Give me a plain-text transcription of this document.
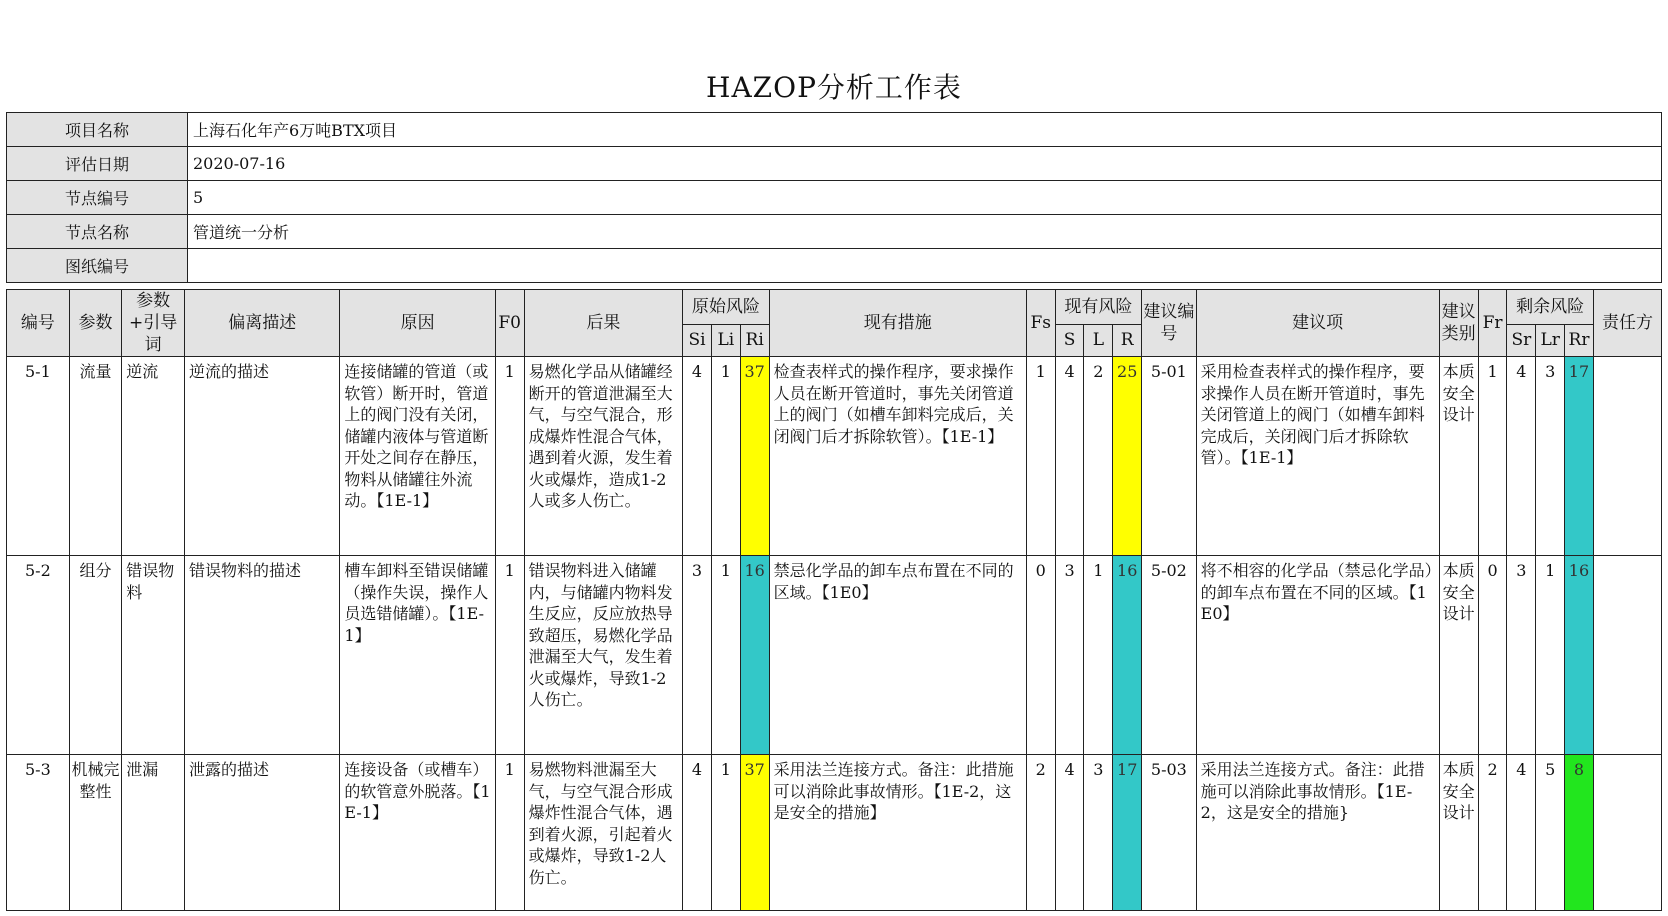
HAZOP分析工作表
项目名称	上海石化年产6万吨BTX项目
评估日期	2020-07-16
节点编号	5
节点名称	管道统一分析
图纸编号	
编号	参数	参数+引导词	偏离描述	原因	F0	后果	原始风险			现有措施	Fs	现有风险			建议编号	建议项	建议类别	Fr	剩余风险			责任方
							Si	Li	Ri			S	L	R					Sr	Lr	Rr	
5-1	流量	逆流	逆流的描述	连接储罐的管道（或软管）断开时，管道上的阀门没有关闭，储罐内液体与管道断开处之间存在静压，物料从储罐往外流动。【1E-1】	1	易燃化学品从储罐经断开的管道泄漏至大气，与空气混合，形成爆炸性混合气体，遇到着火源，发生着火或爆炸，造成1-2人或多人伤亡。	4	1	37	检查表样式的操作程序，要求操作人员在断开管道时，事先关闭管道上的阀门（如槽车卸料完成后，关闭阀门后才拆除软管）。【1E-1】	1	4	2	25	5-01	采用检查表样式的操作程序，要求操作人员在断开管道时，事先关闭管道上的阀门（如槽车卸料完成后，关闭阀门后才拆除软管）。【1E-1】	本质安全设计	1	4	3	17	
5-2	组分	错误物料	错误物料的描述	槽车卸料至错误储罐（操作失误，操作人员选错储罐）。【1E-1】	1	错误物料进入储罐内，与储罐内物料发生反应，反应放热导致超压，易燃化学品泄漏至大气，发生着火或爆炸，导致1-2人伤亡。	3	1	16	禁忌化学品的卸车点布置在不同的区域。【1E0】	0	3	1	16	5-02	将不相容的化学品（禁忌化学品）的卸车点布置在不同的区域。【1E0】	本质安全设计	0	3	1	16	
5-3	机械完整性	泄漏	泄露的描述	连接设备（或槽车）的软管意外脱落。【1E-1】	1	易燃物料泄漏至大气，与空气混合形成爆炸性混合气体，遇到着火源，引起着火或爆炸，导致1-2人伤亡。	4	1	37	采用法兰连接方式。备注：此措施可以消除此事故情形。【1E-2，这是安全的措施】	2	4	3	17	5-03	采用法兰连接方式。备注：此措施可以消除此事故情形。【1E-2，这是安全的措施}	本质安全设计	2	4	5	8	
